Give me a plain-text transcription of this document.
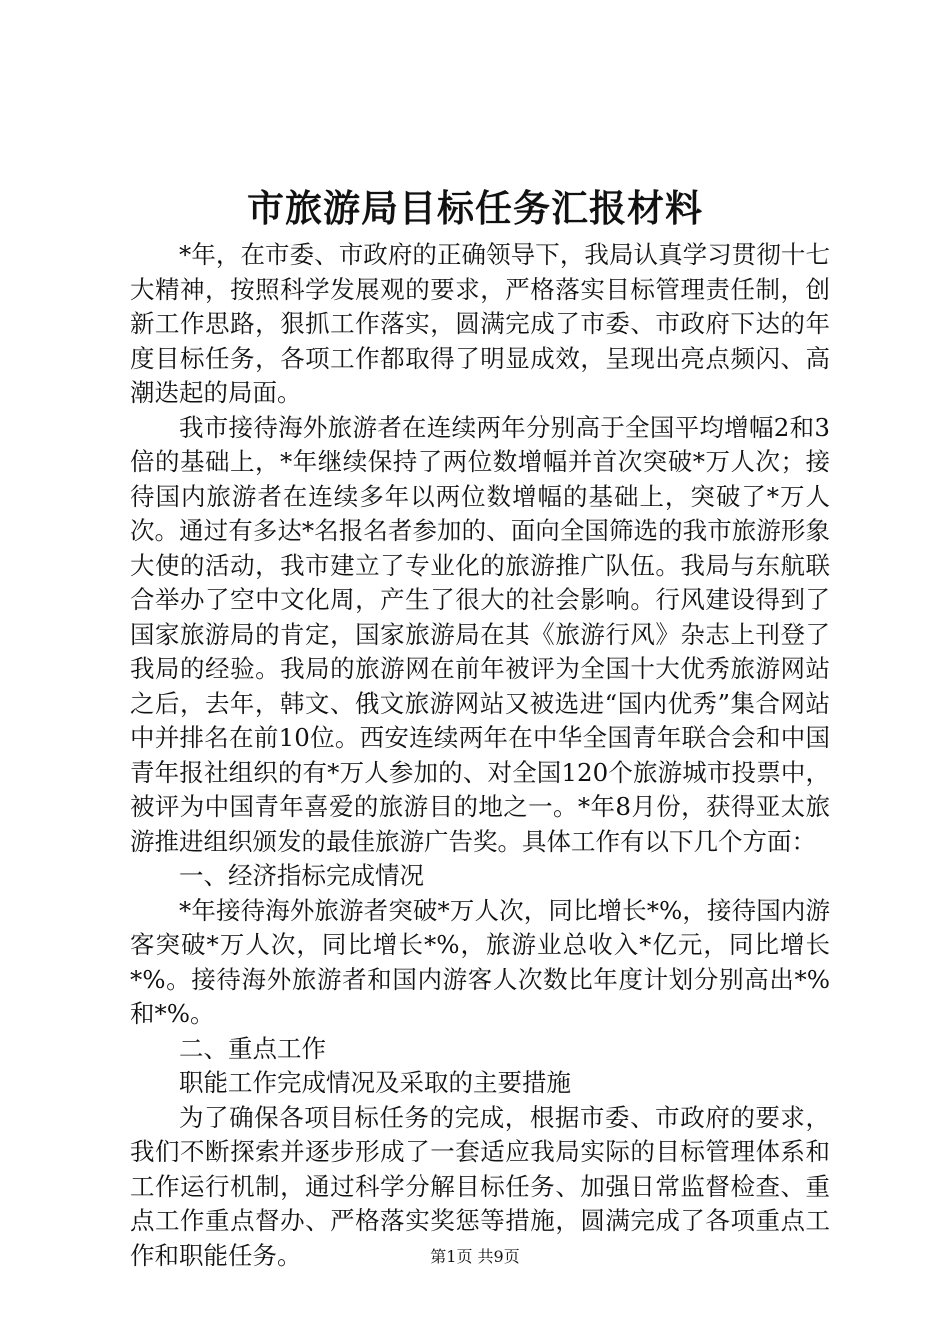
市旅游局目标任务汇报材料

*年，在市委、市政府的正确领导下，我局认真学习贯彻十七大精神，按照科学发展观的要求，严格落实目标管理责任制，创新工作思路，狠抓工作落实，圆满完成了市委、市政府下达的年度目标任务，各项工作都取得了明显成效，呈现出亮点频闪、高潮迭起的局面。

我市接待海外旅游者在连续两年分别高于全国平均增幅2和3倍的基础上，*年继续保持了两位数增幅并首次突破*万人次；接待国内旅游者在连续多年以两位数增幅的基础上，突破了*万人次。通过有多达*名报名者参加的、面向全国筛选的我市旅游形象大使的活动，我市建立了专业化的旅游推广队伍。我局与东航联合举办了空中文化周，产生了很大的社会影响。行风建设得到了国家旅游局的肯定，国家旅游局在其《旅游行风》杂志上刊登了我局的经验。我局的旅游网在前年被评为全国十大优秀旅游网站之后，去年，韩文、俄文旅游网站又被选进“国内优秀”集合网站中并排名在前10位。西安连续两年在中华全国青年联合会和中国青年报社组织的有*万人参加的、对全国120个旅游城市投票中，被评为中国青年喜爱的旅游目的地之一。*年8月份，获得亚太旅游推进组织颁发的最佳旅游广告奖。具体工作有以下几个方面：

一、经济指标完成情况

*年接待海外旅游者突破*万人次，同比增长*%，接待国内游客突破*万人次，同比增长*%，旅游业总收入*亿元，同比增长*%。接待海外旅游者和国内游客人次数比年度计划分别高出*%和*%。

二、重点工作

职能工作完成情况及采取的主要措施

为了确保各项目标任务的完成，根据市委、市政府的要求，我们不断探索并逐步形成了一套适应我局实际的目标管理体系和工作运行机制，通过科学分解目标任务、加强日常监督检查、重点工作重点督办、严格落实奖惩等措施，圆满完成了各项重点工作和职能任务。	第1页 共9页
